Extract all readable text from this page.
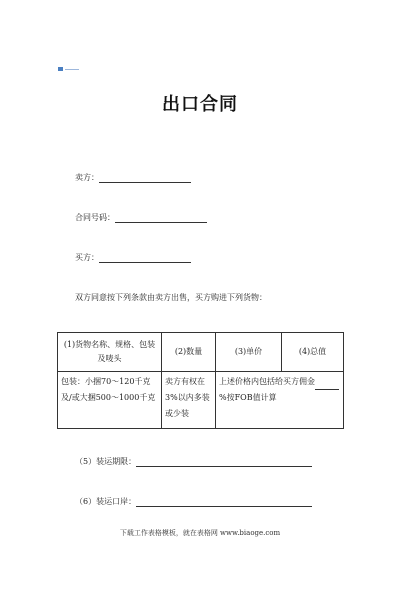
出口合同
卖方：
合同号码：
买方：
双方同意按下列条款由卖方出售，买方购进下列货物：
(1)货物名称、规格、包装及唛头	(2)数量	(3)单价	(4)总值
包装：小捆70～120千克及/或大捆500～1000千克	卖方有权在3%以内多装或少装	上述价格内包括给买方佣金%按FOB值计算	
（5）装运期限：
（6）装运口岸：
下载工作表格模板，就在表格网 www.biaoge.com
